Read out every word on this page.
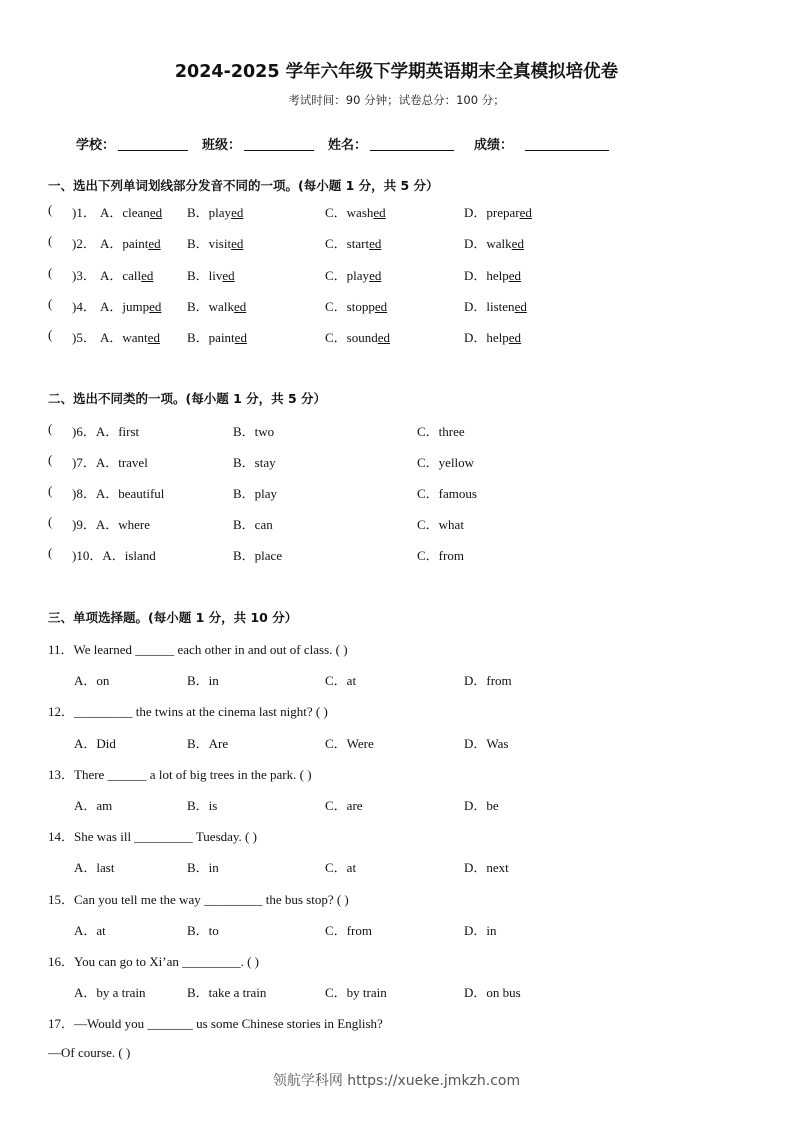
2024-2025 学年六年级下学期英语期末全真模拟培优卷
考试时间：90 分钟；试卷总分：100 分；
学校：	班级：	姓名：	成绩：
一、选出下列单词划线部分发音不同的一项。(每小题 1 分，共 5 分）
( )1． A．cleaned B．played	C．washed	D．prepared
( )2． A．painted B．visited	C．started	D．walked
( )3． A．called	B．lived	C．played	D．helped
( )4． A．jumped B．walked	C．stopped	D．listened
( )5． A．wanted B．painted	C．sounded	D．helped
二、选出不同类的一项。(每小题 1 分，共 5 分）
( )6．A．first	B．two	C．three
( )7．A．travel	B．stay	C．yellow
( )8．A．beautiful	B．play	C．famous
( )9．A．where	B．can	C．what
( )10．A．island	B．place	C．from
三、单项选择题。(每小题 1 分，共 10 分）
11．We learned ______ each other in and out of class. ( )
A．on	B．in	C．at	D．from
12．_________ the twins at the cinema last night? ( )
A．Did	B．Are	C．Were	D．Was
13．There ______ a lot of big trees in the park. ( )
A．am	B．is	C．are	D．be
14．She was ill _________ Tuesday. ( )
A．last	B．in	C．at	D．next
15．Can you tell me the way _________ the bus stop? ( )
A．at	B．to	C．from	D．in
16．You can go to Xi’an _________. ( )
A．by a train	B．take a train	C．by train	D．on bus
17．—Would you _______ us some Chinese stories in English?
—Of course. ( )
领航学科网 https://xueke.jmkzh.com
